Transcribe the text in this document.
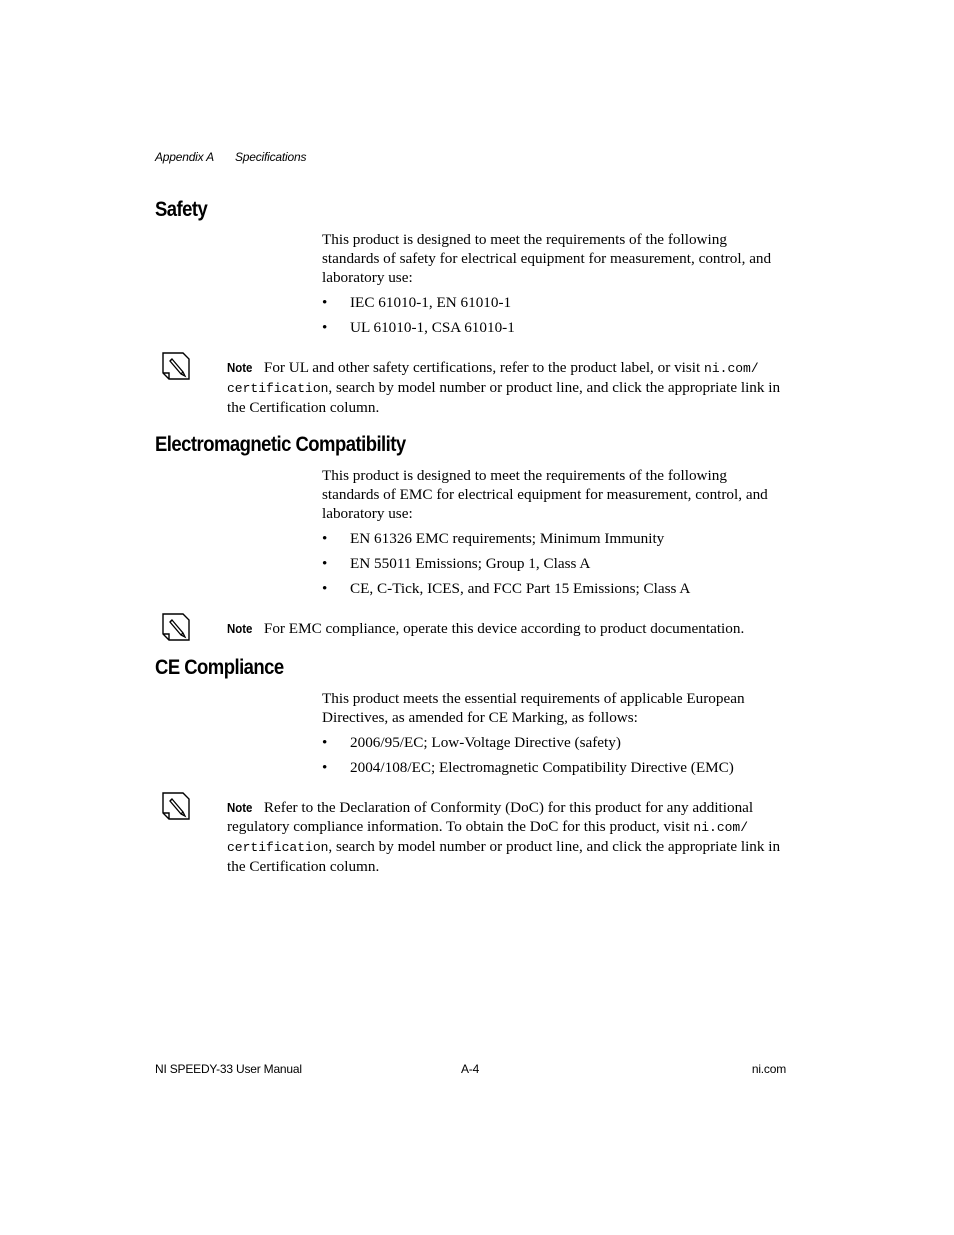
Appendix A Specifications
Safety

This product is designed to meet the requirements of the following standards of safety for electrical equipment for measurement, control, and laboratory use:

• IEC 61010-1, EN 61010-1
• UL 61010-1, CSA 61010-1
Note For UL and other safety certifications, refer to the product label, or visit ni.com/
certification, search by model number or product line, and click the appropriate link in the Certification column.
Electromagnetic Compatibility

This product is designed to meet the requirements of the following standards of EMC for electrical equipment for measurement, control, and laboratory use:

• EN 61326 EMC requirements; Minimum Immunity
• EN 55011 Emissions; Group 1, Class A
• CE, C-Tick, ICES, and FCC Part 15 Emissions; Class A
Note For EMC compliance, operate this device according to product documentation.
CE Compliance

This product meets the essential requirements of applicable European Directives, as amended for CE Marking, as follows:

• 2006/95/EC; Low-Voltage Directive (safety)
• 2004/108/EC; Electromagnetic Compatibility Directive (EMC)
Note Refer to the Declaration of Conformity (DoC) for this product for any additional regulatory compliance information. To obtain the DoC for this product, visit ni.com/
certification, search by model number or product line, and click the appropriate link in the Certification column.
NI SPEEDY-33 User Manual	A-4	ni.com
